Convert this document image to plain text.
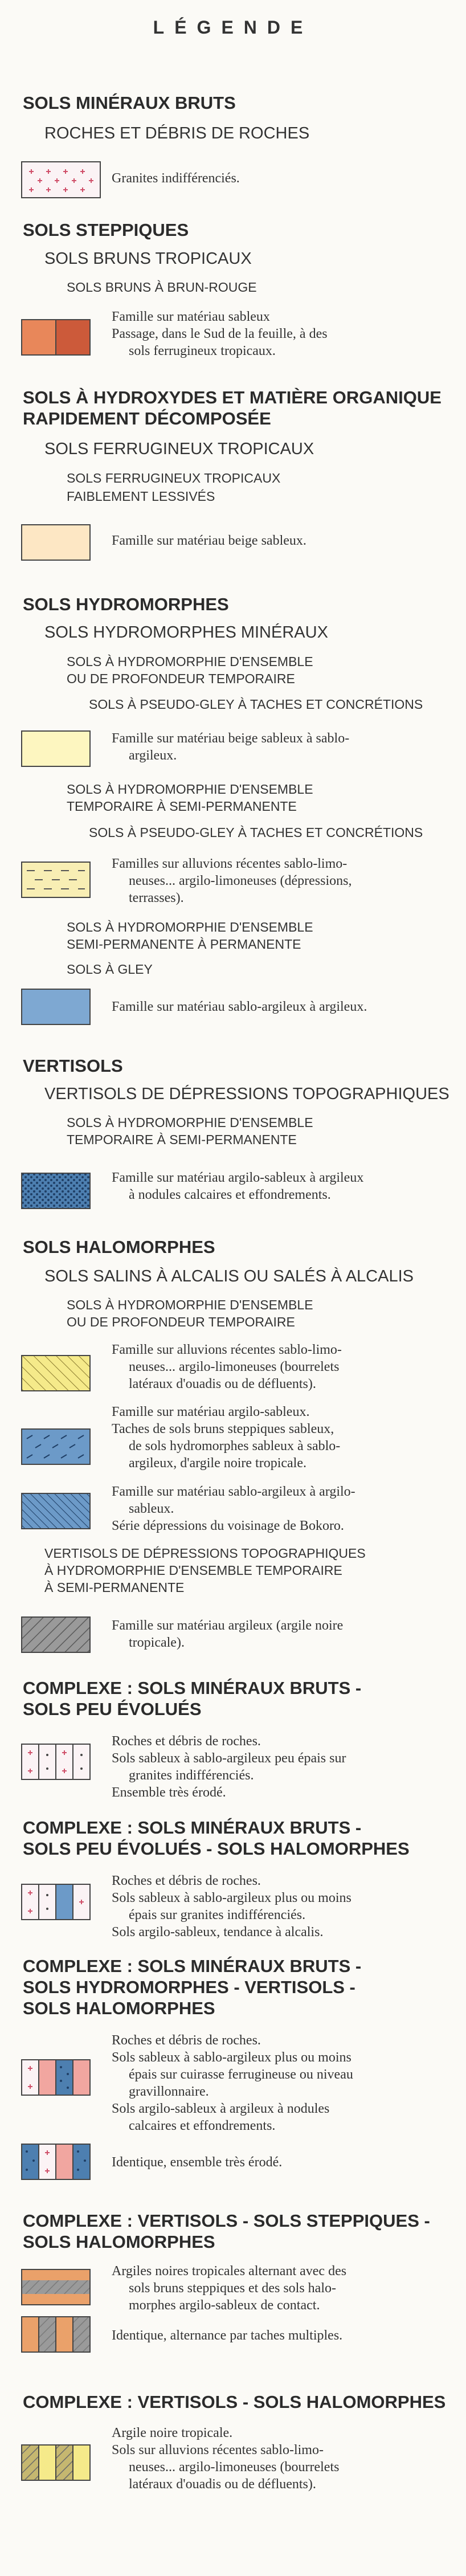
LÉGENDE
SOLS MINÉRAUX BRUTS
ROCHES ET DÉBRIS DE ROCHES
Granites indifférenciés.
SOLS STEPPIQUES
SOLS BRUNS TROPICAUX
SOLS BRUNS À BRUN-ROUGE
Famille sur matériau sableux
Passage, dans le Sud de la feuille, à des
sols ferrugineux tropicaux.
SOLS À HYDROXYDES ET MATIÈRE ORGANIQUE
RAPIDEMENT DÉCOMPOSÉE
SOLS FERRUGINEUX TROPICAUX
SOLS FERRUGINEUX TROPICAUX
FAIBLEMENT LESSIVÉS
Famille sur matériau beige sableux.
SOLS HYDROMORPHES
SOLS HYDROMORPHES MINÉRAUX
SOLS À HYDROMORPHIE D'ENSEMBLE
OU DE PROFONDEUR TEMPORAIRE
SOLS À PSEUDO-GLEY À TACHES ET CONCRÉTIONS
Famille sur matériau beige sableux à sablo-
argileux.
SOLS À HYDROMORPHIE D'ENSEMBLE
TEMPORAIRE À SEMI-PERMANENTE
SOLS À PSEUDO-GLEY À TACHES ET CONCRÉTIONS
Familles sur alluvions récentes sablo-limo-
neuses... argilo-limoneuses (dépressions,
terrasses).
SOLS À HYDROMORPHIE D'ENSEMBLE
SEMI-PERMANENTE À PERMANENTE
SOLS À GLEY
Famille sur matériau sablo-argileux à argileux.
VERTISOLS
VERTISOLS DE DÉPRESSIONS TOPOGRAPHIQUES
SOLS À HYDROMORPHIE D'ENSEMBLE
TEMPORAIRE À SEMI-PERMANENTE
Famille sur matériau argilo-sableux à argileux
à nodules calcaires et effondrements.
SOLS HALOMORPHES
SOLS SALINS À ALCALIS OU SALÉS À ALCALIS
SOLS À HYDROMORPHIE D'ENSEMBLE
OU DE PROFONDEUR TEMPORAIRE
Famille sur alluvions récentes sablo-limo-
neuses... argilo-limoneuses (bourrelets
latéraux d'ouadis ou de défluents).
Famille sur matériau argilo-sableux.
Taches de sols bruns steppiques sableux,
de sols hydromorphes sableux à sablo-
argileux, d'argile noire tropicale.
Famille sur matériau sablo-argileux à argilo-
sableux.
Série dépressions du voisinage de Bokoro.
VERTISOLS DE DÉPRESSIONS TOPOGRAPHIQUES
À HYDROMORPHIE D'ENSEMBLE TEMPORAIRE
À SEMI-PERMANENTE
Famille sur matériau argileux (argile noire
tropicale).
COMPLEXE : SOLS MINÉRAUX BRUTS -
SOLS PEU ÉVOLUÉS
Roches et débris de roches.
Sols sableux à sablo-argileux peu épais sur
granites indifférenciés.
Ensemble très érodé.
COMPLEXE : SOLS MINÉRAUX BRUTS -
SOLS PEU ÉVOLUÉS - SOLS HALOMORPHES
Roches et débris de roches.
Sols sableux à sablo-argileux plus ou moins
épais sur granites indifférenciés.
Sols argilo-sableux, tendance à alcalis.
COMPLEXE : SOLS MINÉRAUX BRUTS -
SOLS HYDROMORPHES - VERTISOLS -
SOLS HALOMORPHES
Roches et débris de roches.
Sols sableux à sablo-argileux plus ou moins
épais sur cuirasse ferrugineuse ou niveau
gravillonnaire.
Sols argilo-sableux à argileux à nodules
calcaires et effondrements.
Identique, ensemble très érodé.
COMPLEXE : VERTISOLS - SOLS STEPPIQUES -
SOLS HALOMORPHES
Argiles noires tropicales alternant avec des
sols bruns steppiques et des sols halo-
morphes argilo-sableux de contact.
Identique, alternance par taches multiples.
COMPLEXE : VERTISOLS - SOLS HALOMORPHES
Argile noire tropicale.
Sols sur alluvions récentes sablo-limo-
neuses... argilo-limoneuses (bourrelets
latéraux d'ouadis ou de défluents).
